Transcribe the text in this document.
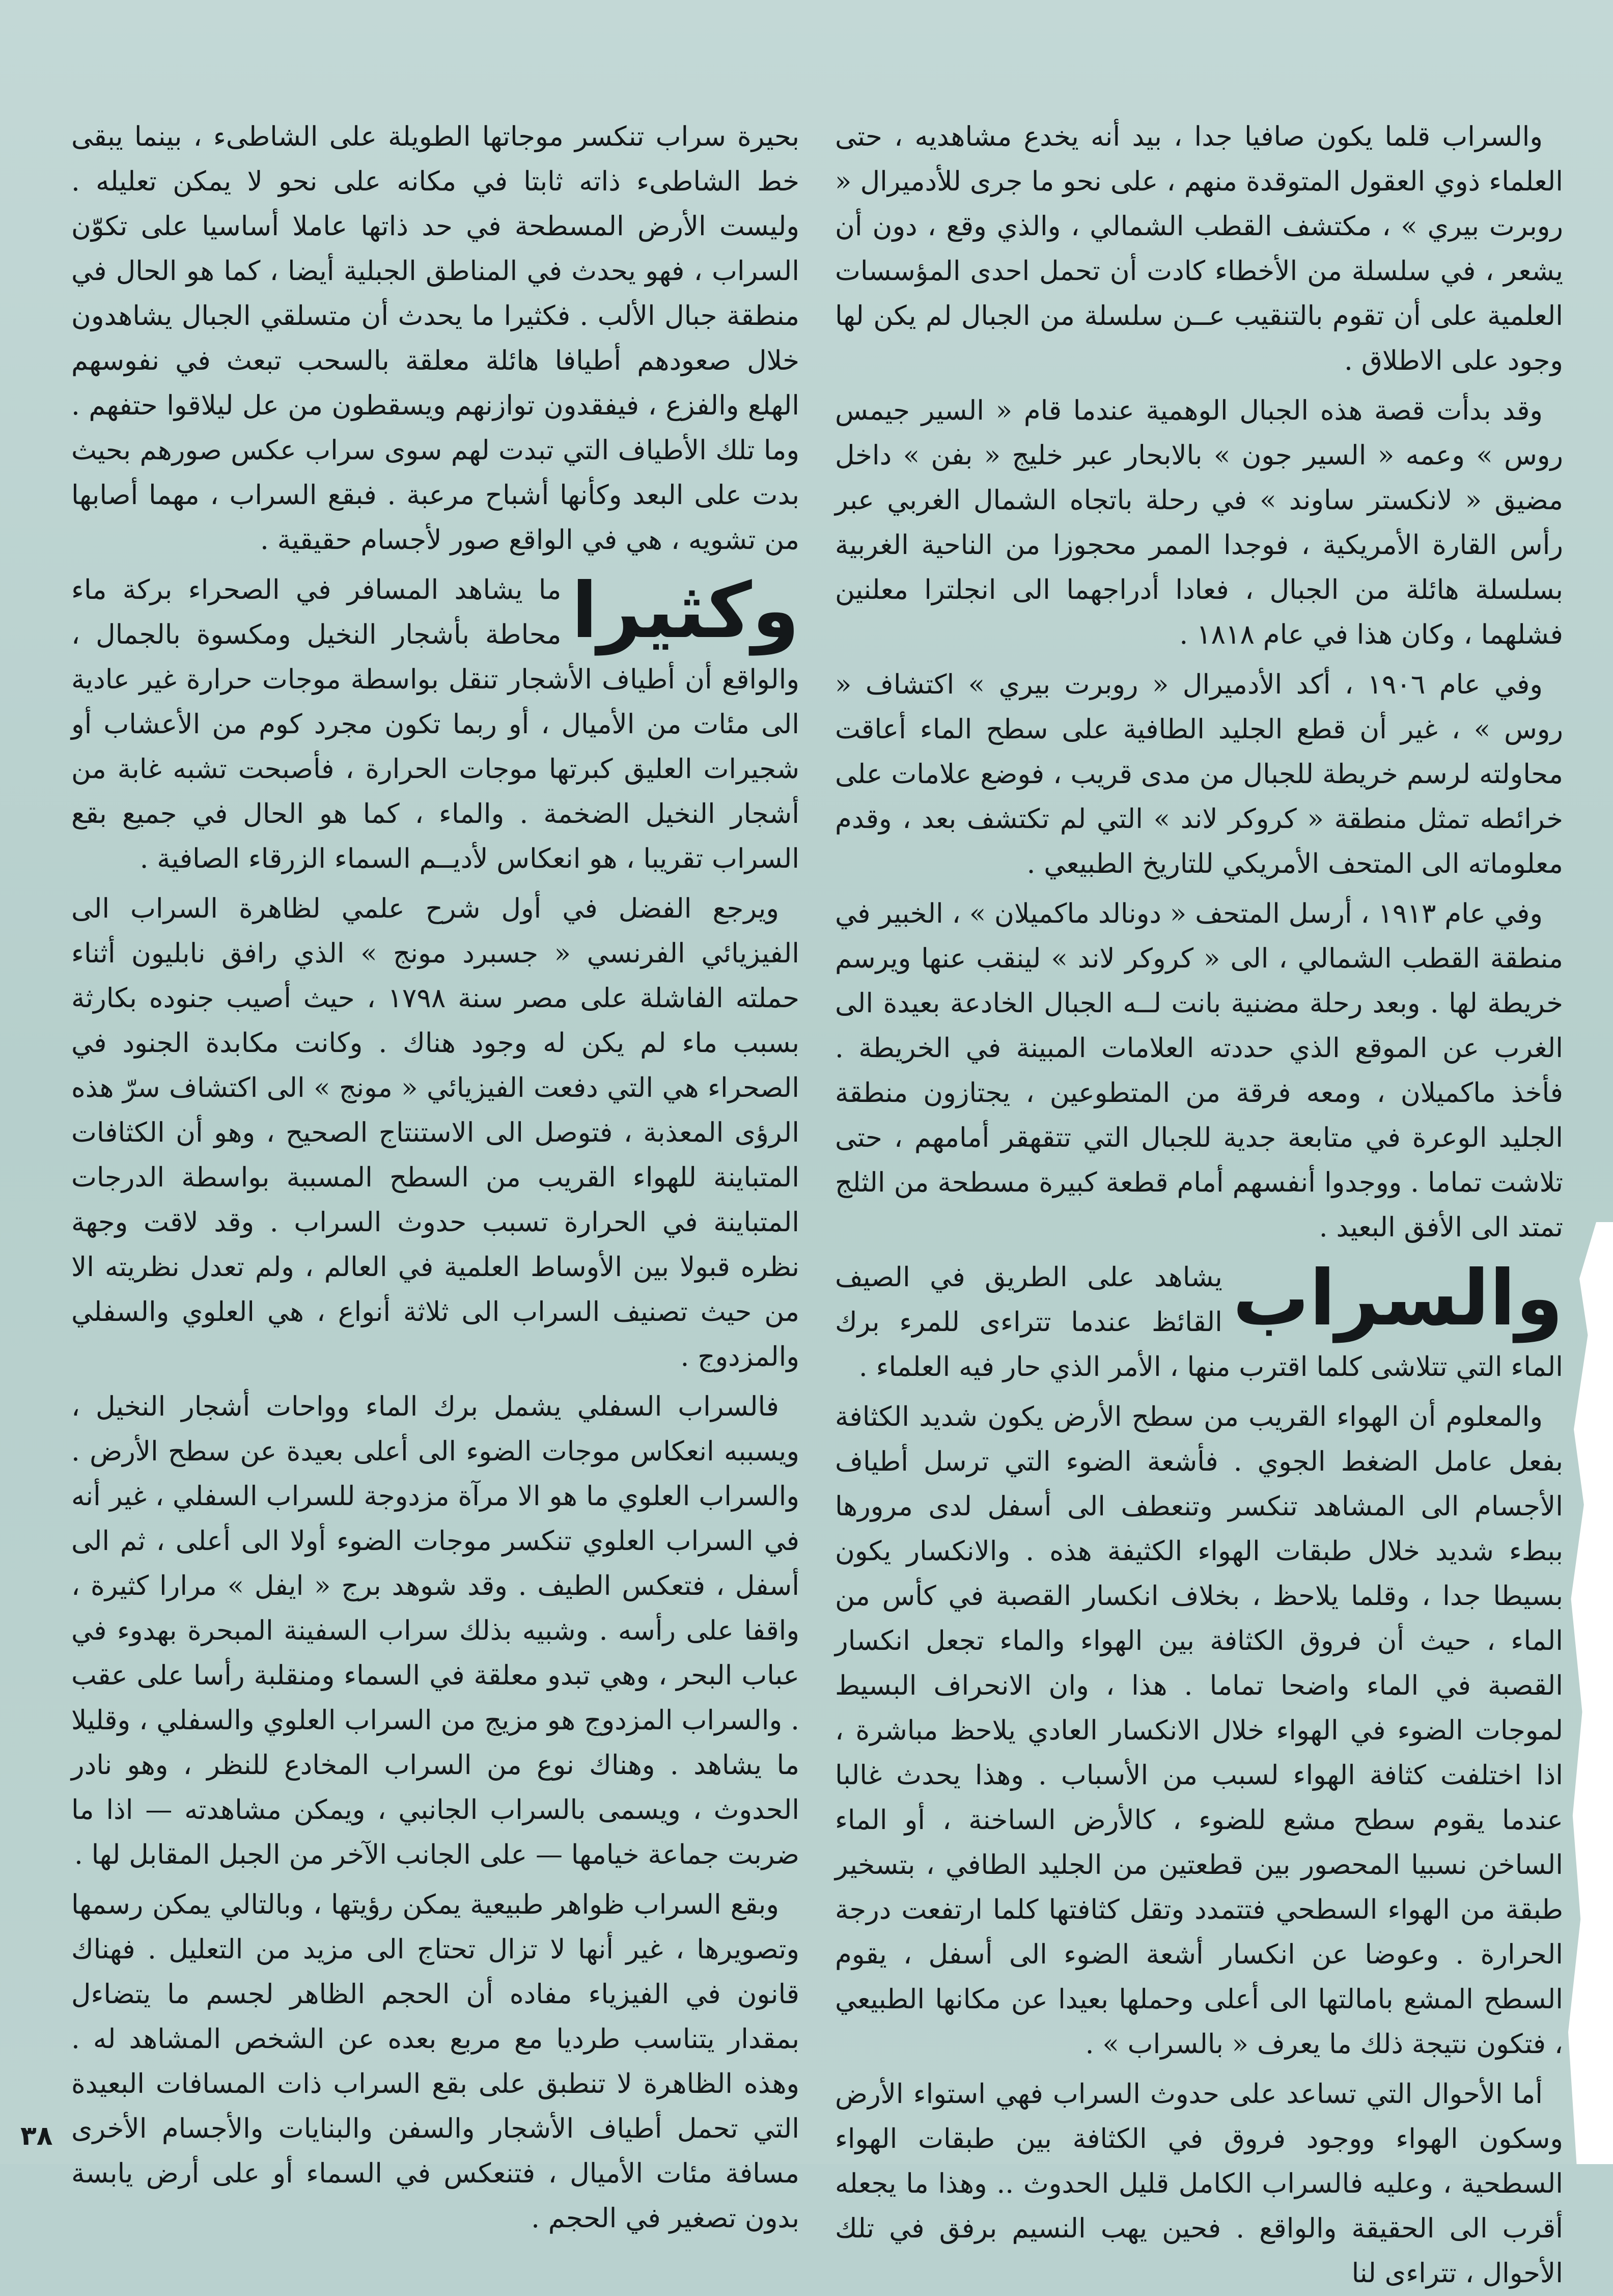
والسراب قلما يكون صافيا جدا ، بيد أنه يخدع مشاهديه ، حتى العلماء ذوي العقول المتوقدة منهم ، على نحو ما جرى للأدميرال « روبرت بيري » ، مكتشف القطب الشمالي ، والذي وقع ، دون أن يشعر ، في سلسلة من الأخطاء كادت أن تحمل احدى المؤسسات العلمية على أن تقوم بالتنقيب عــن سلسلة من الجبال لم يكن لها وجود على الاطلاق .

وقد بدأت قصة هذه الجبال الوهمية عندما قام « السير جيمس روس » وعمه « السير جون » بالابحار عبر خليج « بفن » داخل مضيق « لانكستر ساوند » في رحلة باتجاه الشمال الغربي عبر رأس القارة الأمريكية ، فوجدا الممر محجوزا من الناحية الغربية بسلسلة هائلة من الجبال ، فعادا أدراجهما الى انجلترا معلنين فشلهما ، وكان هذا في عام ١٨١٨ .

وفي عام ١٩٠٦ ، أكد الأدميرال « روبرت بيري » اكتشاف « روس » ، غير أن قطع الجليد الطافية على سطح الماء أعاقت محاولته لرسم خريطة للجبال من مدى قريب ، فوضع علامات على خرائطه تمثل منطقة « كروكر لاند » التي لم تكتشف بعد ، وقدم معلوماته الى المتحف الأمريكي للتاريخ الطبيعي .

وفي عام ١٩١٣ ، أرسل المتحف « دونالد ماكميلان » ، الخبير في منطقة القطب الشمالي ، الى « كروكر لاند » لينقب عنها ويرسم خريطة لها . وبعد رحلة مضنية بانت لــه الجبال الخادعة بعيدة الى الغرب عن الموقع الذي حددته العلامات المبينة في الخريطة . فأخذ ماكميلان ، ومعه فرقة من المتطوعين ، يجتازون منطقة الجليد الوعرة في متابعة جدية للجبال التي تتقهقر أمامهم ، حتى تلاشت تماما . ووجدوا أنفسهم أمام قطعة كبيرة مسطحة من الثلج تمتد الى الأفق البعيد .

والسراب

يشاهد على الطريق في الصيف القائظ عندما تتراءى للمرء برك الماء التي تتلاشى كلما اقترب منها ، الأمر الذي حار فيه العلماء .

والمعلوم أن الهواء القريب من سطح الأرض يكون شديد الكثافة بفعل عامل الضغط الجوي . فأشعة الضوء التي ترسل أطياف الأجسام الى المشاهد تنكسر وتنعطف الى أسفل لدى مرورها ببطء شديد خلال طبقات الهواء الكثيفة هذه . والانكسار يكون بسيطا جدا ، وقلما يلاحظ ، بخلاف انكسار القصبة في كأس من الماء ، حيث أن فروق الكثافة بين الهواء والماء تجعل انكسار القصبة في الماء واضحا تماما . هذا ، وان الانحراف البسيط لموجات الضوء في الهواء خلال الانكسار العادي يلاحظ مباشرة ، اذا اختلفت كثافة الهواء لسبب من الأسباب . وهذا يحدث غالبا عندما يقوم سطح مشع للضوء ، كالأرض الساخنة ، أو الماء الساخن نسبيا المحصور بين قطعتين من الجليد الطافي ، بتسخير طبقة من الهواء السطحي فتتمدد وتقل كثافتها كلما ارتفعت درجة الحرارة . وعوضا عن انكسار أشعة الضوء الى أسفل ، يقوم السطح المشع بامالتها الى أعلى وحملها بعيدا عن مكانها الطبيعي ، فتكون نتيجة ذلك ما يعرف « بالسراب » .

أما الأحوال التي تساعد على حدوث السراب فهي استواء الأرض وسكون الهواء ووجود فروق في الكثافة بين طبقات الهواء السطحية ، وعليه فالسراب الكامل قليل الحدوث .. وهذا ما يجعله أقرب الى الحقيقة والواقع . فحين يهب النسيم برفق في تلك الأحوال ، تتراءى لنا

بحيرة سراب تنكسر موجاتها الطويلة على الشاطىء ، بينما يبقى خط الشاطىء ذاته ثابتا في مكانه على نحو لا يمكن تعليله . وليست الأرض المسطحة في حد ذاتها عاملا أساسيا على تكوّن السراب ، فهو يحدث في المناطق الجبلية أيضا ، كما هو الحال في منطقة جبال الألب . فكثيرا ما يحدث أن متسلقي الجبال يشاهدون خلال صعودهم أطيافا هائلة معلقة بالسحب تبعث في نفوسهم الهلع والفزع ، فيفقدون توازنهم ويسقطون من عل ليلاقوا حتفهم . وما تلك الأطياف التي تبدت لهم سوى سراب عكس صورهم بحيث بدت على البعد وكأنها أشباح مرعبة . فبقع السراب ، مهما أصابها من تشويه ، هي في الواقع صور لأجسام حقيقية .

وكثيرا

ما يشاهد المسافر في الصحراء بركة ماء محاطة بأشجار النخيل ومكسوة بالجمال ، والواقع أن أطياف الأشجار تنقل بواسطة موجات حرارة غير عادية الى مئات من الأميال ، أو ربما تكون مجرد كوم من الأعشاب أو شجيرات العليق كبرتها موجات الحرارة ، فأصبحت تشبه غابة من أشجار النخيل الضخمة . والماء ، كما هو الحال في جميع بقع السراب تقريبا ، هو انعكاس لأديــم السماء الزرقاء الصافية .

ويرجع الفضل في أول شرح علمي لظاهرة السراب الى الفيزيائي الفرنسي « جسبرد مونج » الذي رافق نابليون أثناء حملته الفاشلة على مصر سنة ١٧٩٨ ، حيث أصيب جنوده بكارثة بسبب ماء لم يكن له وجود هناك . وكانت مكابدة الجنود في الصحراء هي التي دفعت الفيزيائي « مونج » الى اكتشاف سرّ هذه الرؤى المعذبة ، فتوصل الى الاستنتاج الصحيح ، وهو أن الكثافات المتباينة للهواء القريب من السطح المسببة بواسطة الدرجات المتباينة في الحرارة تسبب حدوث السراب . وقد لاقت وجهة نظره قبولا بين الأوساط العلمية في العالم ، ولم تعدل نظريته الا من حيث تصنيف السراب الى ثلاثة أنواع ، هي العلوي والسفلي والمزدوج .

فالسراب السفلي يشمل برك الماء وواحات أشجار النخيل ، ويسببه انعكاس موجات الضوء الى أعلى بعيدة عن سطح الأرض . والسراب العلوي ما هو الا مرآة مزدوجة للسراب السفلي ، غير أنه في السراب العلوي تنكسر موجات الضوء أولا الى أعلى ، ثم الى أسفل ، فتعكس الطيف . وقد شوهد برج « ايفل » مرارا كثيرة ، واقفا على رأسه . وشبيه بذلك سراب السفينة المبحرة بهدوء في عباب البحر ، وهي تبدو معلقة في السماء ومنقلبة رأسا على عقب . والسراب المزدوج هو مزيج من السراب العلوي والسفلي ، وقليلا ما يشاهد . وهناك نوع من السراب المخادع للنظر ، وهو نادر الحدوث ، ويسمى بالسراب الجانبي ، ويمكن مشاهدته — اذا ما ضربت جماعة خيامها — على الجانب الآخر من الجبل المقابل لها .

وبقع السراب ظواهر طبيعية يمكن رؤيتها ، وبالتالي يمكن رسمها وتصويرها ، غير أنها لا تزال تحتاج الى مزيد من التعليل . فهناك قانون في الفيزياء مفاده أن الحجم الظاهر لجسم ما يتضاءل بمقدار يتناسب طرديا مع مربع بعده عن الشخص المشاهد له . وهذه الظاهرة لا تنطبق على بقع السراب ذات المسافات البعيدة التي تحمل أطياف الأشجار والسفن والبنايات والأجسام الأخرى مسافة مئات الأميال ، فتنعكس في السماء أو على أرض يابسة بدون تصغير في الحجم .

٣٨
